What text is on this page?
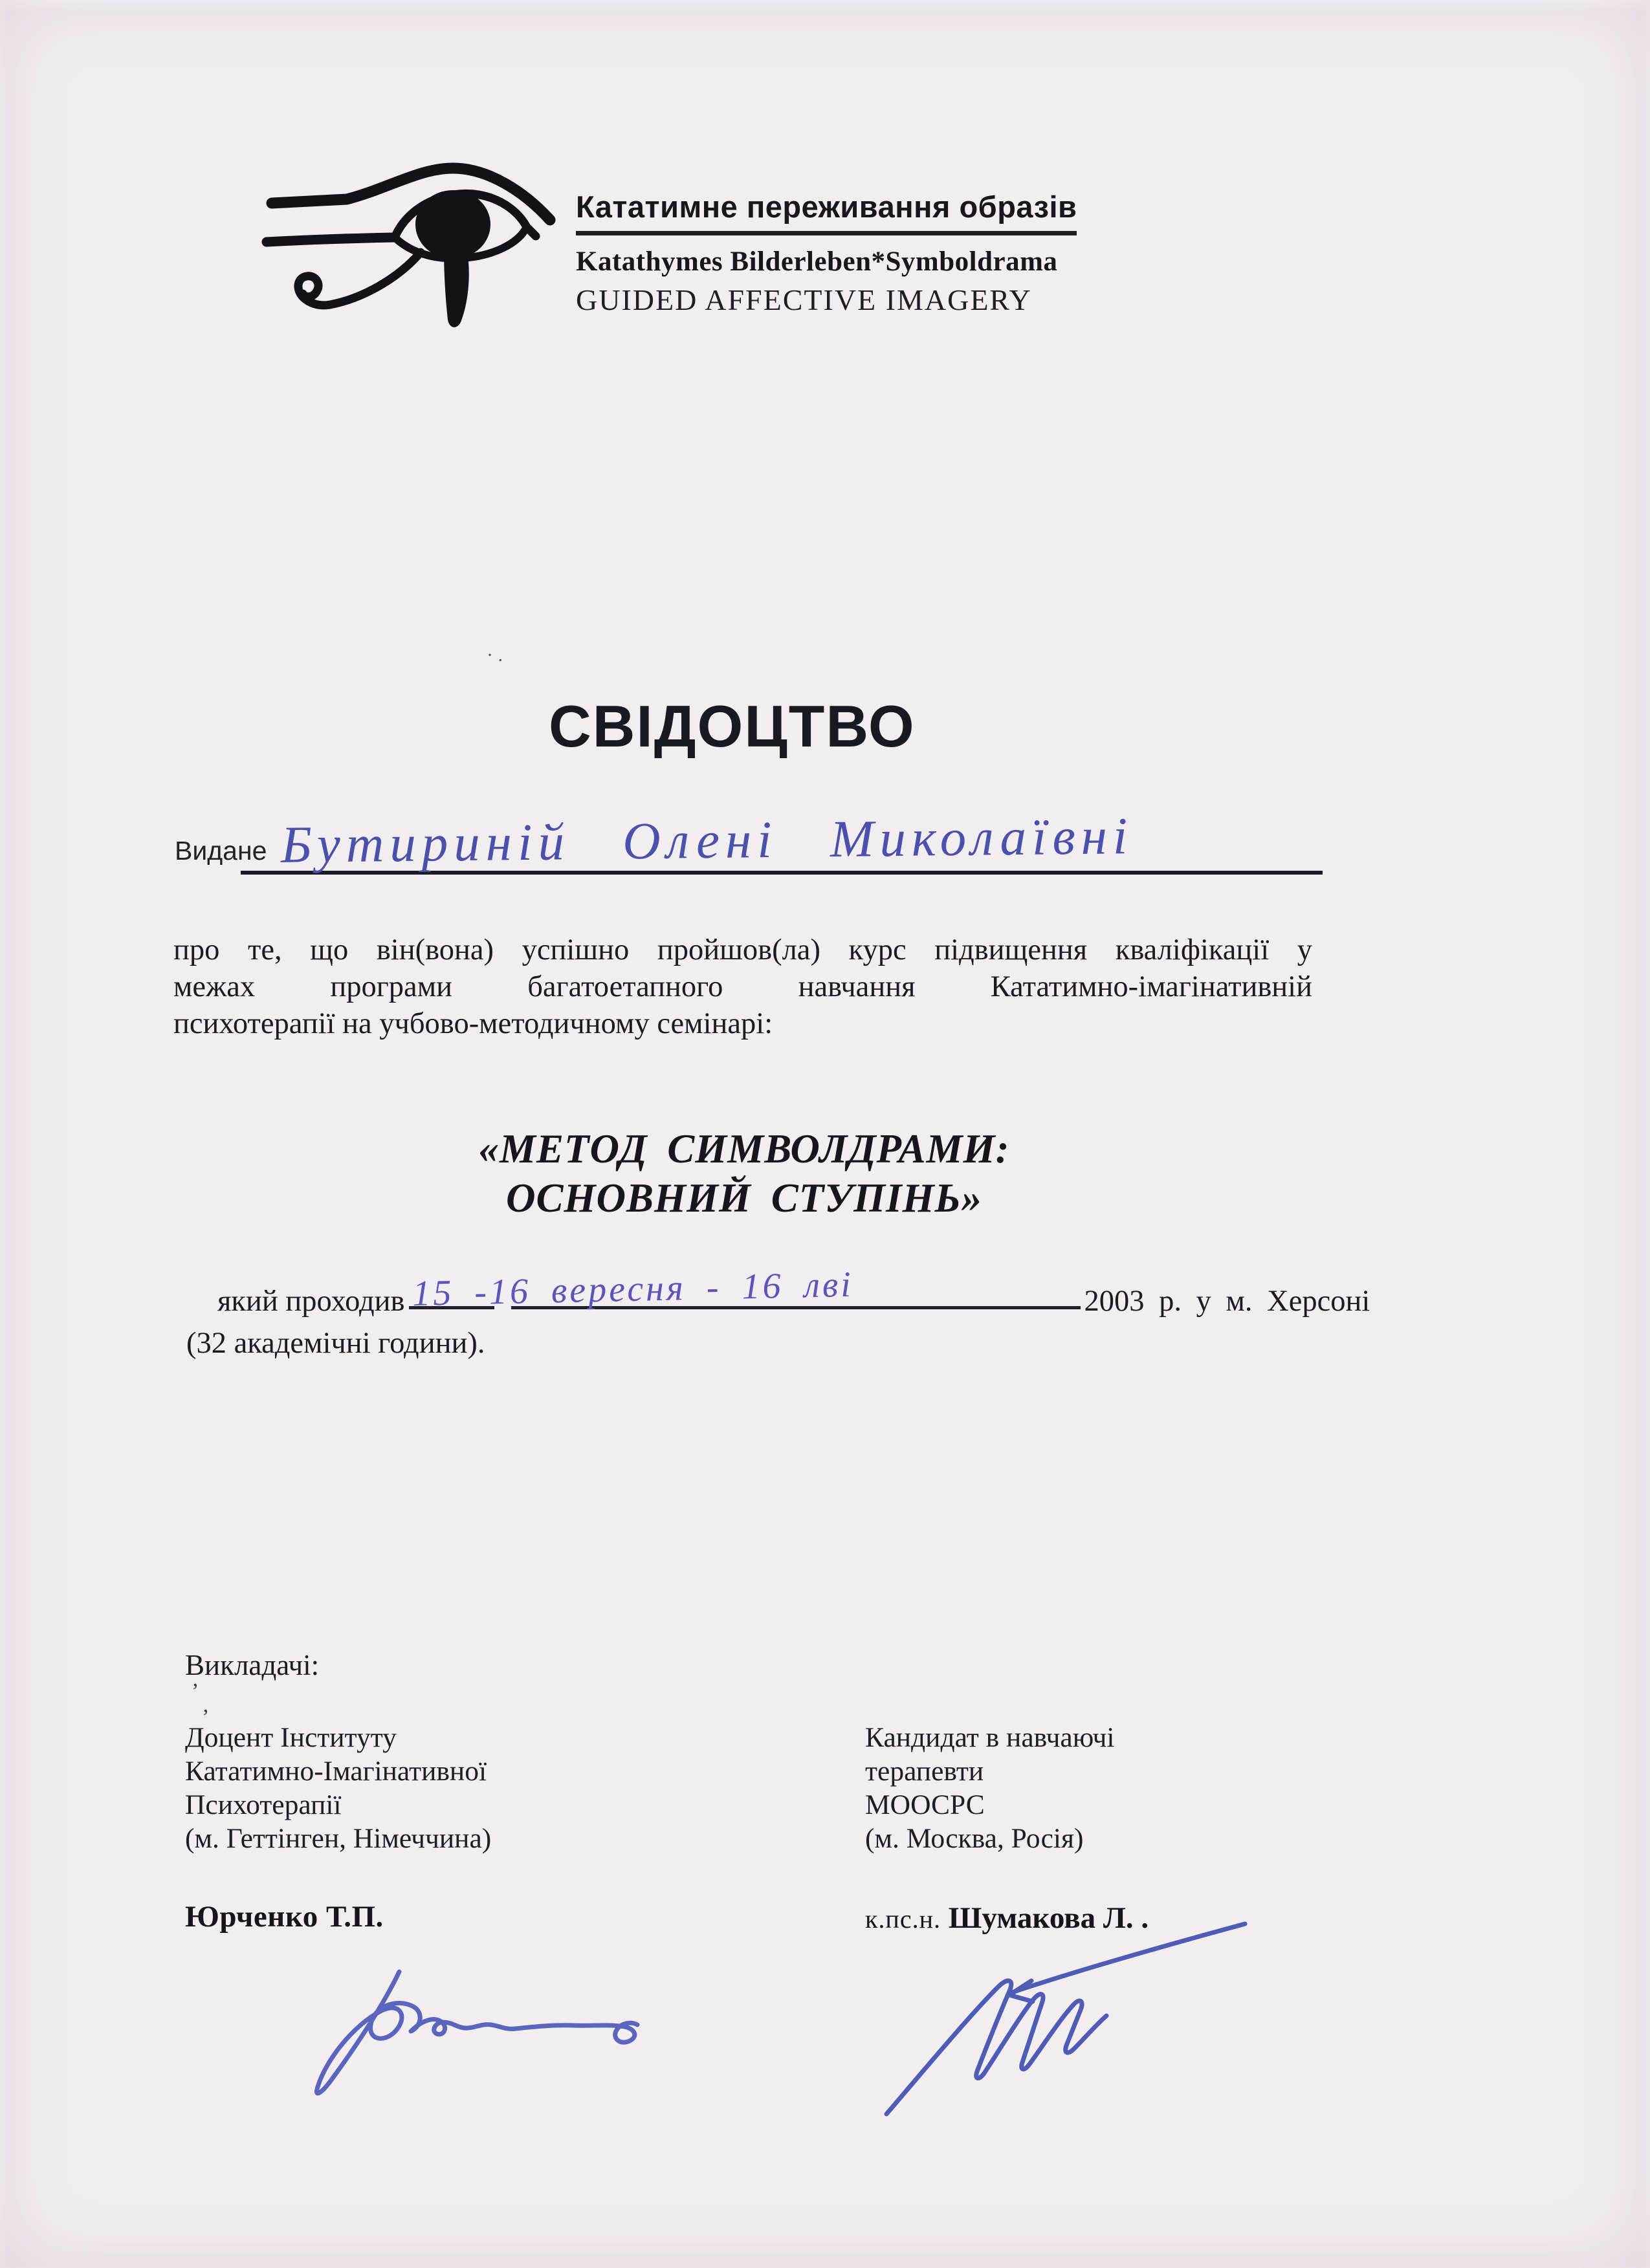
Кататимне переживання образів
Katathymes Bilderleben*Symboldrama
GUIDED AFFECTIVE IMAGERY
· .
’
’
СВІДОЦТВО
Видане Бутириній Олені Миколаївні
про те, що він(вона) успішно пройшов(ла) курс підвищення кваліфікації у
межах програми багатоетапного навчання Кататимно-імагінативній
психотерапії на учбово-методичному семінарі:
«МЕТОД СИМВОЛДРАМИ:
ОСНОВНИЙ СТУПІНЬ»
який проходив 15 -16 вересня - 16 лві	2003 р. у м. Херсоні
(32 академічні години).
Викладачі:
Доцент Інституту
Кататимно-Імагінативної
Психотерапії
(м. Геттінген, Німеччина)
Кандидат в навчаючі
терапевти
МООСРС
(м. Москва, Росія)
Юрченко Т.П.	к.пс.н. Шумакова Л. .
